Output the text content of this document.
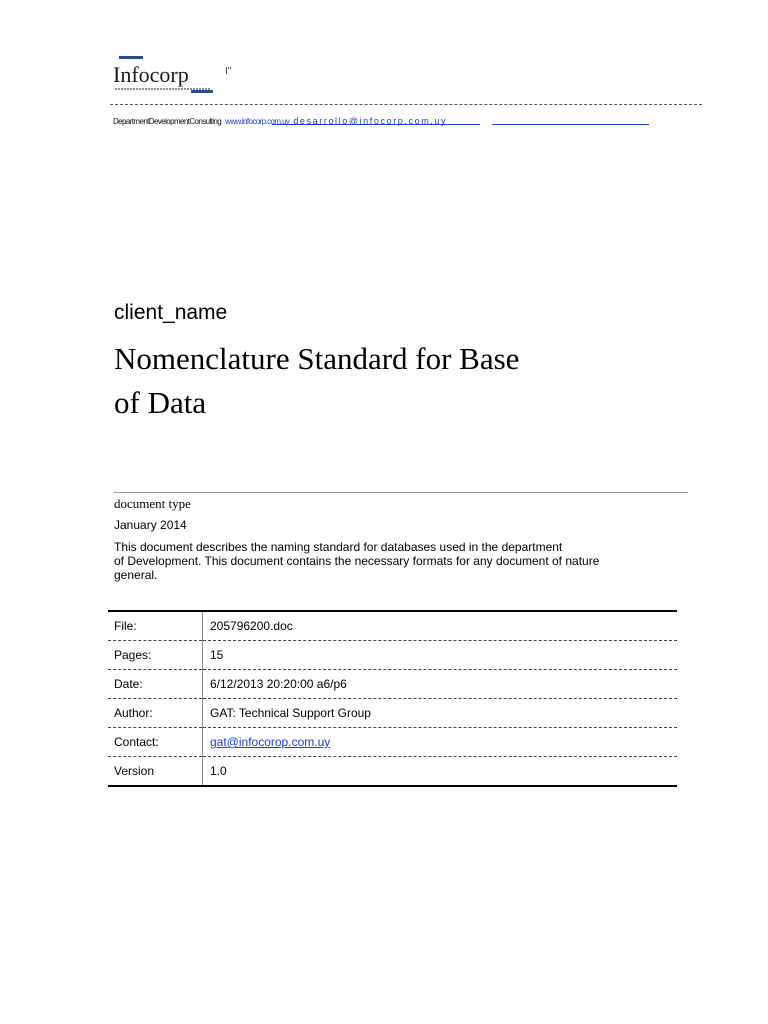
Infocorp	I"
DepartmentDevelopmentConsulting www.infocorp.com.uy desarrollo@infocorp.com.uy
client_name
Nomenclature Standard for Base
of Data
document type
January 2014
This document describes the naming standard for databases used in the department
of Development. This document contains the necessary formats for any document of nature
general.
File:	205796200.doc
Pages:	15
Date:	6/12/2013 20:20:00 a6/p6
Author:	GAT: Technical Support Group
Contact:	gat@infocorop.com.uy
Version	1.0
